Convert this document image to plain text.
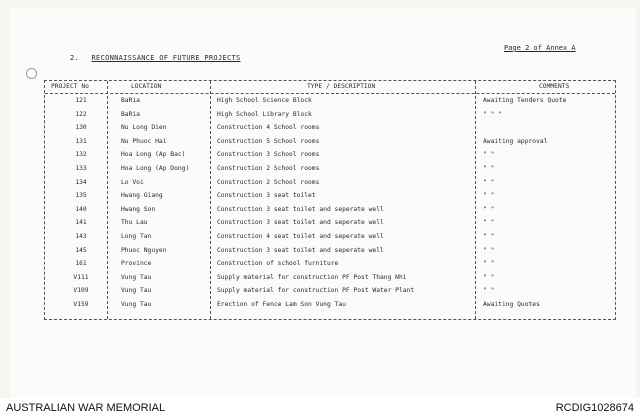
Page 2 of Annex A
2. RECONNAISSANCE OF FUTURE PROJECTS
PROJECT No	LOCATION	TYPE / DESCRIPTION	COMMENTS
121	BaRia	High School Science Block	Awaiting Tenders Quote
122	BaRia	High School Library Block	" " "
130	Nu Long Dien	Construction 4 School rooms
131	Nu Phuoc Hai	Construction 5 School rooms	Awaiting approval
132	Hoa Long (Ap Bac)	Construction 3 School rooms	" "
133	Hoa Long (Ap Dong)	Construction 2 School rooms	" "
134	Lo Voi	Construction 2 School rooms	" "
135	Hwang Giang	Construction 3 seat toilet	" "
140	Hwang Son	Construction 3 seat toilet and seperate well	" "
141	Thu Lau	Construction 3 seat toilet and seperate well	" "
143	Long Tan	Construction 4 seat toilet and seperate well	" "
145	Phuoc Nguyen	Construction 3 seat toilet and seperate well	" "
161	Province	Construction of school furniture	" "
V111	Vung Tau	Supply material for construction PF Post Thang Nhi	" "
V109	Vung Tau	Supply material for construction PF Post Water Plant	" "
V159	Vung Tau	Erection of Fence Lam Son Vung Tau	Awaiting Quotes
AUSTRALIAN WAR MEMORIAL	RCDIG1028674
